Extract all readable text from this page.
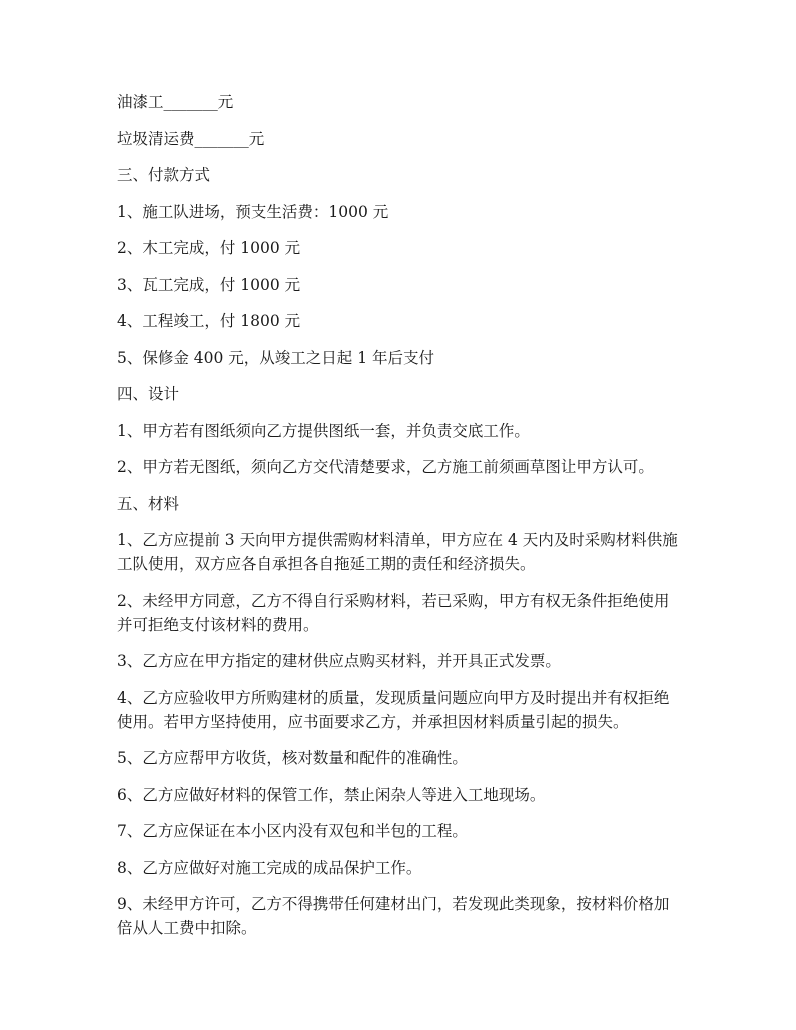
油漆工_______元

垃圾清运费_______元

三、付款方式

1、施工队进场，预支生活费：1000 元

2、木工完成，付 1000 元

3、瓦工完成，付 1000 元

4、工程竣工，付 1800 元

5、保修金 400 元，从竣工之日起 1 年后支付

四、设计

1、甲方若有图纸须向乙方提供图纸一套，并负责交底工作。

2、甲方若无图纸，须向乙方交代清楚要求，乙方施工前须画草图让甲方认可。

五、材料

1、乙方应提前 3 天向甲方提供需购材料清单，甲方应在 4 天内及时采购材料供施工队使用，双方应各自承担各自拖延工期的责任和经济损失。

2、未经甲方同意，乙方不得自行采购材料，若已采购，甲方有权无条件拒绝使用并可拒绝支付该材料的费用。

3、乙方应在甲方指定的建材供应点购买材料，并开具正式发票。

4、乙方应验收甲方所购建材的质量，发现质量问题应向甲方及时提出并有权拒绝使用。若甲方坚持使用，应书面要求乙方，并承担因材料质量引起的损失。

5、乙方应帮甲方收货，核对数量和配件的准确性。

6、乙方应做好材料的保管工作，禁止闲杂人等进入工地现场。

7、乙方应保证在本小区内没有双包和半包的工程。

8、乙方应做好对施工完成的成品保护工作。

9、未经甲方许可，乙方不得携带任何建材出门，若发现此类现象，按材料价格加倍从人工费中扣除。
